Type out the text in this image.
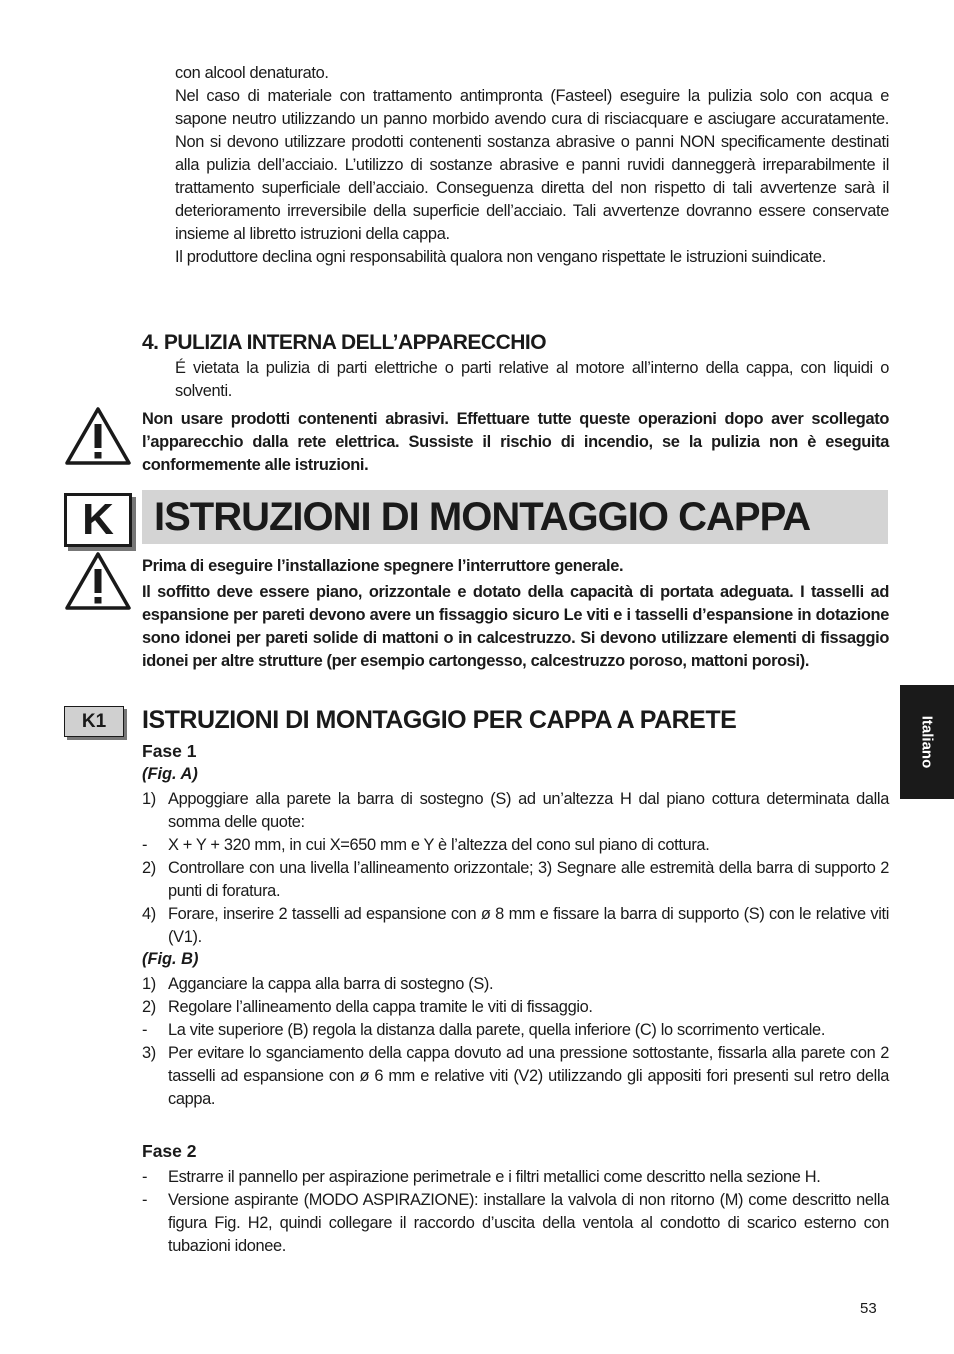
con alcool denaturato.

Nel caso di materiale con trattamento antimpronta (Fasteel) eseguire la pulizia solo con acqua e sapone neutro utilizzando un panno morbido avendo cura di risciacquare e asciugare accuratamente. Non si devono utilizzare prodotti contenenti sostanza abrasive o panni NON specificamente destinati alla pulizia dell’acciaio. L’utilizzo di sostanze abrasive e panni ruvidi danneggerà irreparabilmente il trattamento superficiale dell’acciaio. Conseguenza diretta del non rispetto di tali avvertenze sarà il deterioramento irreversibile della superficie dell’acciaio. Tali avvertenze dovranno essere conservate insieme al libretto istruzioni della cappa.

Il produttore declina ogni responsabilità qualora non vengano rispettate le istruzioni suindicate.

4. PULIZIA INTERNA DELL’APPARECCHIO
É vietata la pulizia di parti elettriche o parti relative al motore all’interno della cappa, con liquidi o solventi.
Non usare prodotti contenenti abrasivi. Effettuare tutte queste operazioni dopo aver scollegato l’apparecchio dalla rete elettrica. Sussiste il rischio di incendio, se la pulizia non è eseguita conformemente alle istruzioni.
K	ISTRUZIONI DI MONTAGGIO CAPPA

Prima di eseguire l’installazione spegnere l’interruttore generale.

Il soffitto deve essere piano, orizzontale e dotato della capacità di portata adeguata. I tasselli ad espansione per pareti devono avere un fissaggio sicuro Le viti e i tasselli d’espansione in dotazione sono idonei per pareti solide di mattoni o in calcestruzzo. Si devono utilizzare elementi di fissaggio idonei per altre strutture (per esempio cartongesso, calcestruzzo poroso, mattoni porosi).

K1	ISTRUZIONI DI MONTAGGIO PER CAPPA A PARETE
Fase 1
(Fig. A)
1) Appoggiare alla parete la barra di sostegno (S) ad un’altezza H dal piano cottura determinata dalla somma delle quote:
- X + Y + 320 mm, in cui X=650 mm e Y è l’altezza del cono sul piano di cottura.
2) Controllare con una livella l’allineamento orizzontale; 3) Segnare alle estremità della barra di supporto 2 punti di foratura.
4) Forare, inserire 2 tasselli ad espansione con ø 8 mm e fissare la barra di supporto (S) con le relative viti (V1).
(Fig. B)
1) Agganciare la cappa alla barra di sostegno (S).
2) Regolare l’allineamento della cappa tramite le viti di fissaggio.
- La vite superiore (B) regola la distanza dalla parete, quella inferiore (C) lo scorrimento verticale.
3) Per evitare lo sganciamento della cappa dovuto ad una pressione sottostante, fissarla alla parete con 2 tasselli ad espansione con ø 6 mm e relative viti (V2) utilizzando gli appositi fori presenti sul retro della cappa.
Fase 2
- Estrarre il pannello per aspirazione perimetrale e i filtri metallici come descritto nella sezione H.
- Versione aspirante (MODO ASPIRAZIONE): installare la valvola di non ritorno (M) come descritto nella figura Fig. H2, quindi collegare il raccordo d’uscita della ventola al condotto di scarico esterno con tubazioni idonee.
Italiano
53
